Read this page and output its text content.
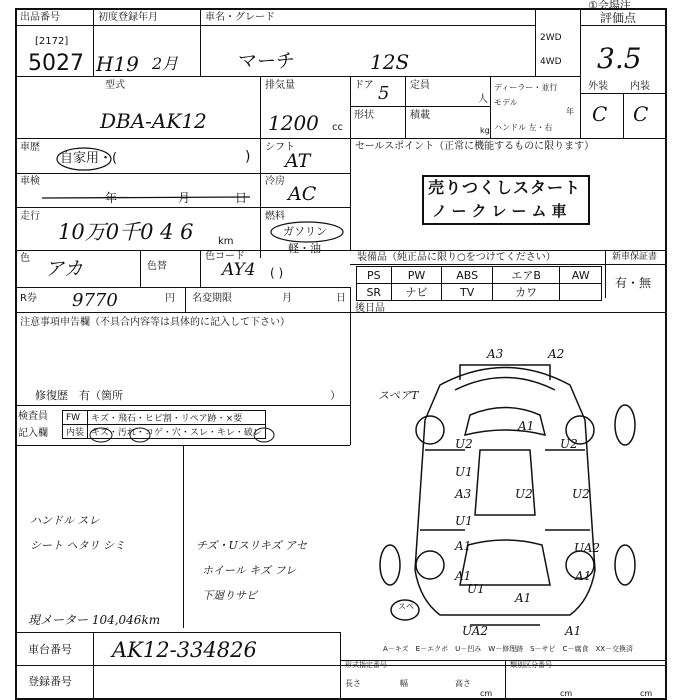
①会場注
出品番号	初度登録年月	車名・グレード	評価点
[2172]
5027 H19 2月	マーチ	12S
2WD
4WD 3.5
型式
DBA-AK12
排気量
1200 cc
ドア 5 定員
人
形状	積載
kg
ディーラー・並行
モデル
年
ハンドル 左・右
外装 内装
C C
車歴
自家用・(	)
シフト
AT
セールスポイント（正常に機能するものに限ります）
車検
年	月	日
冷房
AC	売りつくしスタート
ノークレーム車
走行
10万0千0 4 6 km
燃料
ガソリン
軽・油
色 アカ	色替
色コード
AY4 ( )
装備品（純正品に限り○をつけてください）	新車保証書
PS	PW	ABS	エアB	AW
SR	ナビ	TV	カワ	
有・無
R券 9770	円 名変期限	月	日
後日品
注意事項申告欄（不具合内容等は具体的に記入して下さい）
修復歴　有（箇所	）
検査員
記入欄
FW	キズ・飛石・ヒビ割・リペア跡・×要
内装	キズ・汚れ・コゲ・穴・スレ・キレ・破レ
ハンドル スレ
シート ヘタリ シミ	チズ・Uスリキズ アセ
ホイール キズ フレ
下廻りサビ
現メーター 104,046km
A3	A2
A1
U2	U2
U1
A3	U2	U2
U1
A1	UA2
A1	A1
UA2
U1
A1
A1
スペアT
スペ
A－キズ　E－エクボ　U－凹み　W－修理跡　S－サビ　C－腐食　XX－交換済
車台番号 AK12-334826
登録番号
形式指定番号	類別区分番号
長さ	幅	高さ
cm	cm	cm
